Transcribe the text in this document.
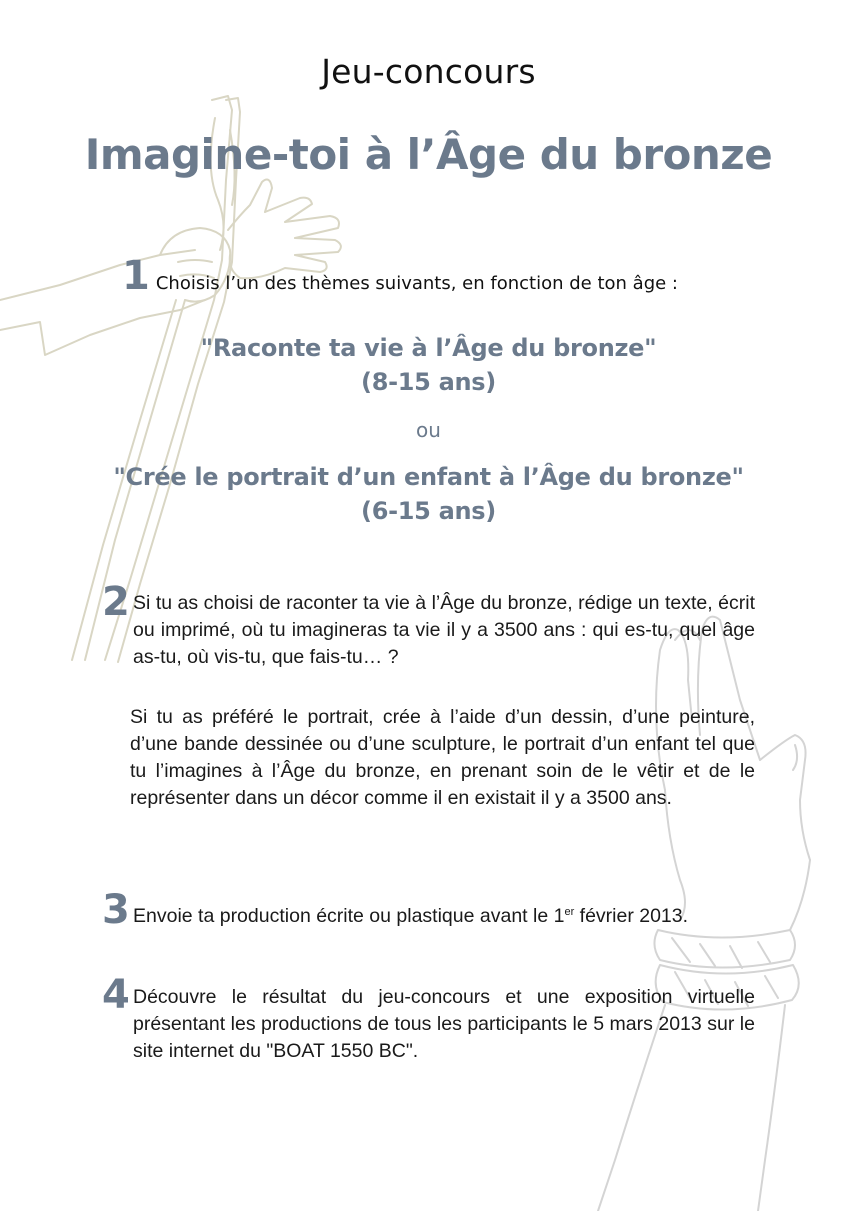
Jeu-concours
Imagine-toi à l’Âge du bronze
1 Choisis l’un des thèmes suivants, en fonction de ton âge :
"Raconte ta vie à l’Âge du bronze"
(8-15 ans)
ou
"Crée le portrait d’un enfant à l’Âge du bronze"
(6-15 ans)
2 Si tu as choisi de raconter ta vie à l’Âge du bronze, rédige un texte, écrit ou imprimé, où tu imagineras ta vie il y a 3500 ans : qui es-tu, quel âge as-tu, où vis-tu, que fais-tu… ?
Si tu as préféré le portrait, crée à l’aide d’un dessin, d’une peinture, d’une bande dessinée ou d’une sculpture, le portrait d’un enfant tel que tu l’imagines à l’Âge du bronze, en prenant soin de le vêtir et de le représenter dans un décor comme il en existait il y a 3500 ans.
3 Envoie ta production écrite ou plastique avant le 1er février 2013.
4 Découvre le résultat du jeu-concours et une exposition virtuelle présentant les productions de tous les participants le 5 mars 2013 sur le site internet du "BOAT 1550 BC".
